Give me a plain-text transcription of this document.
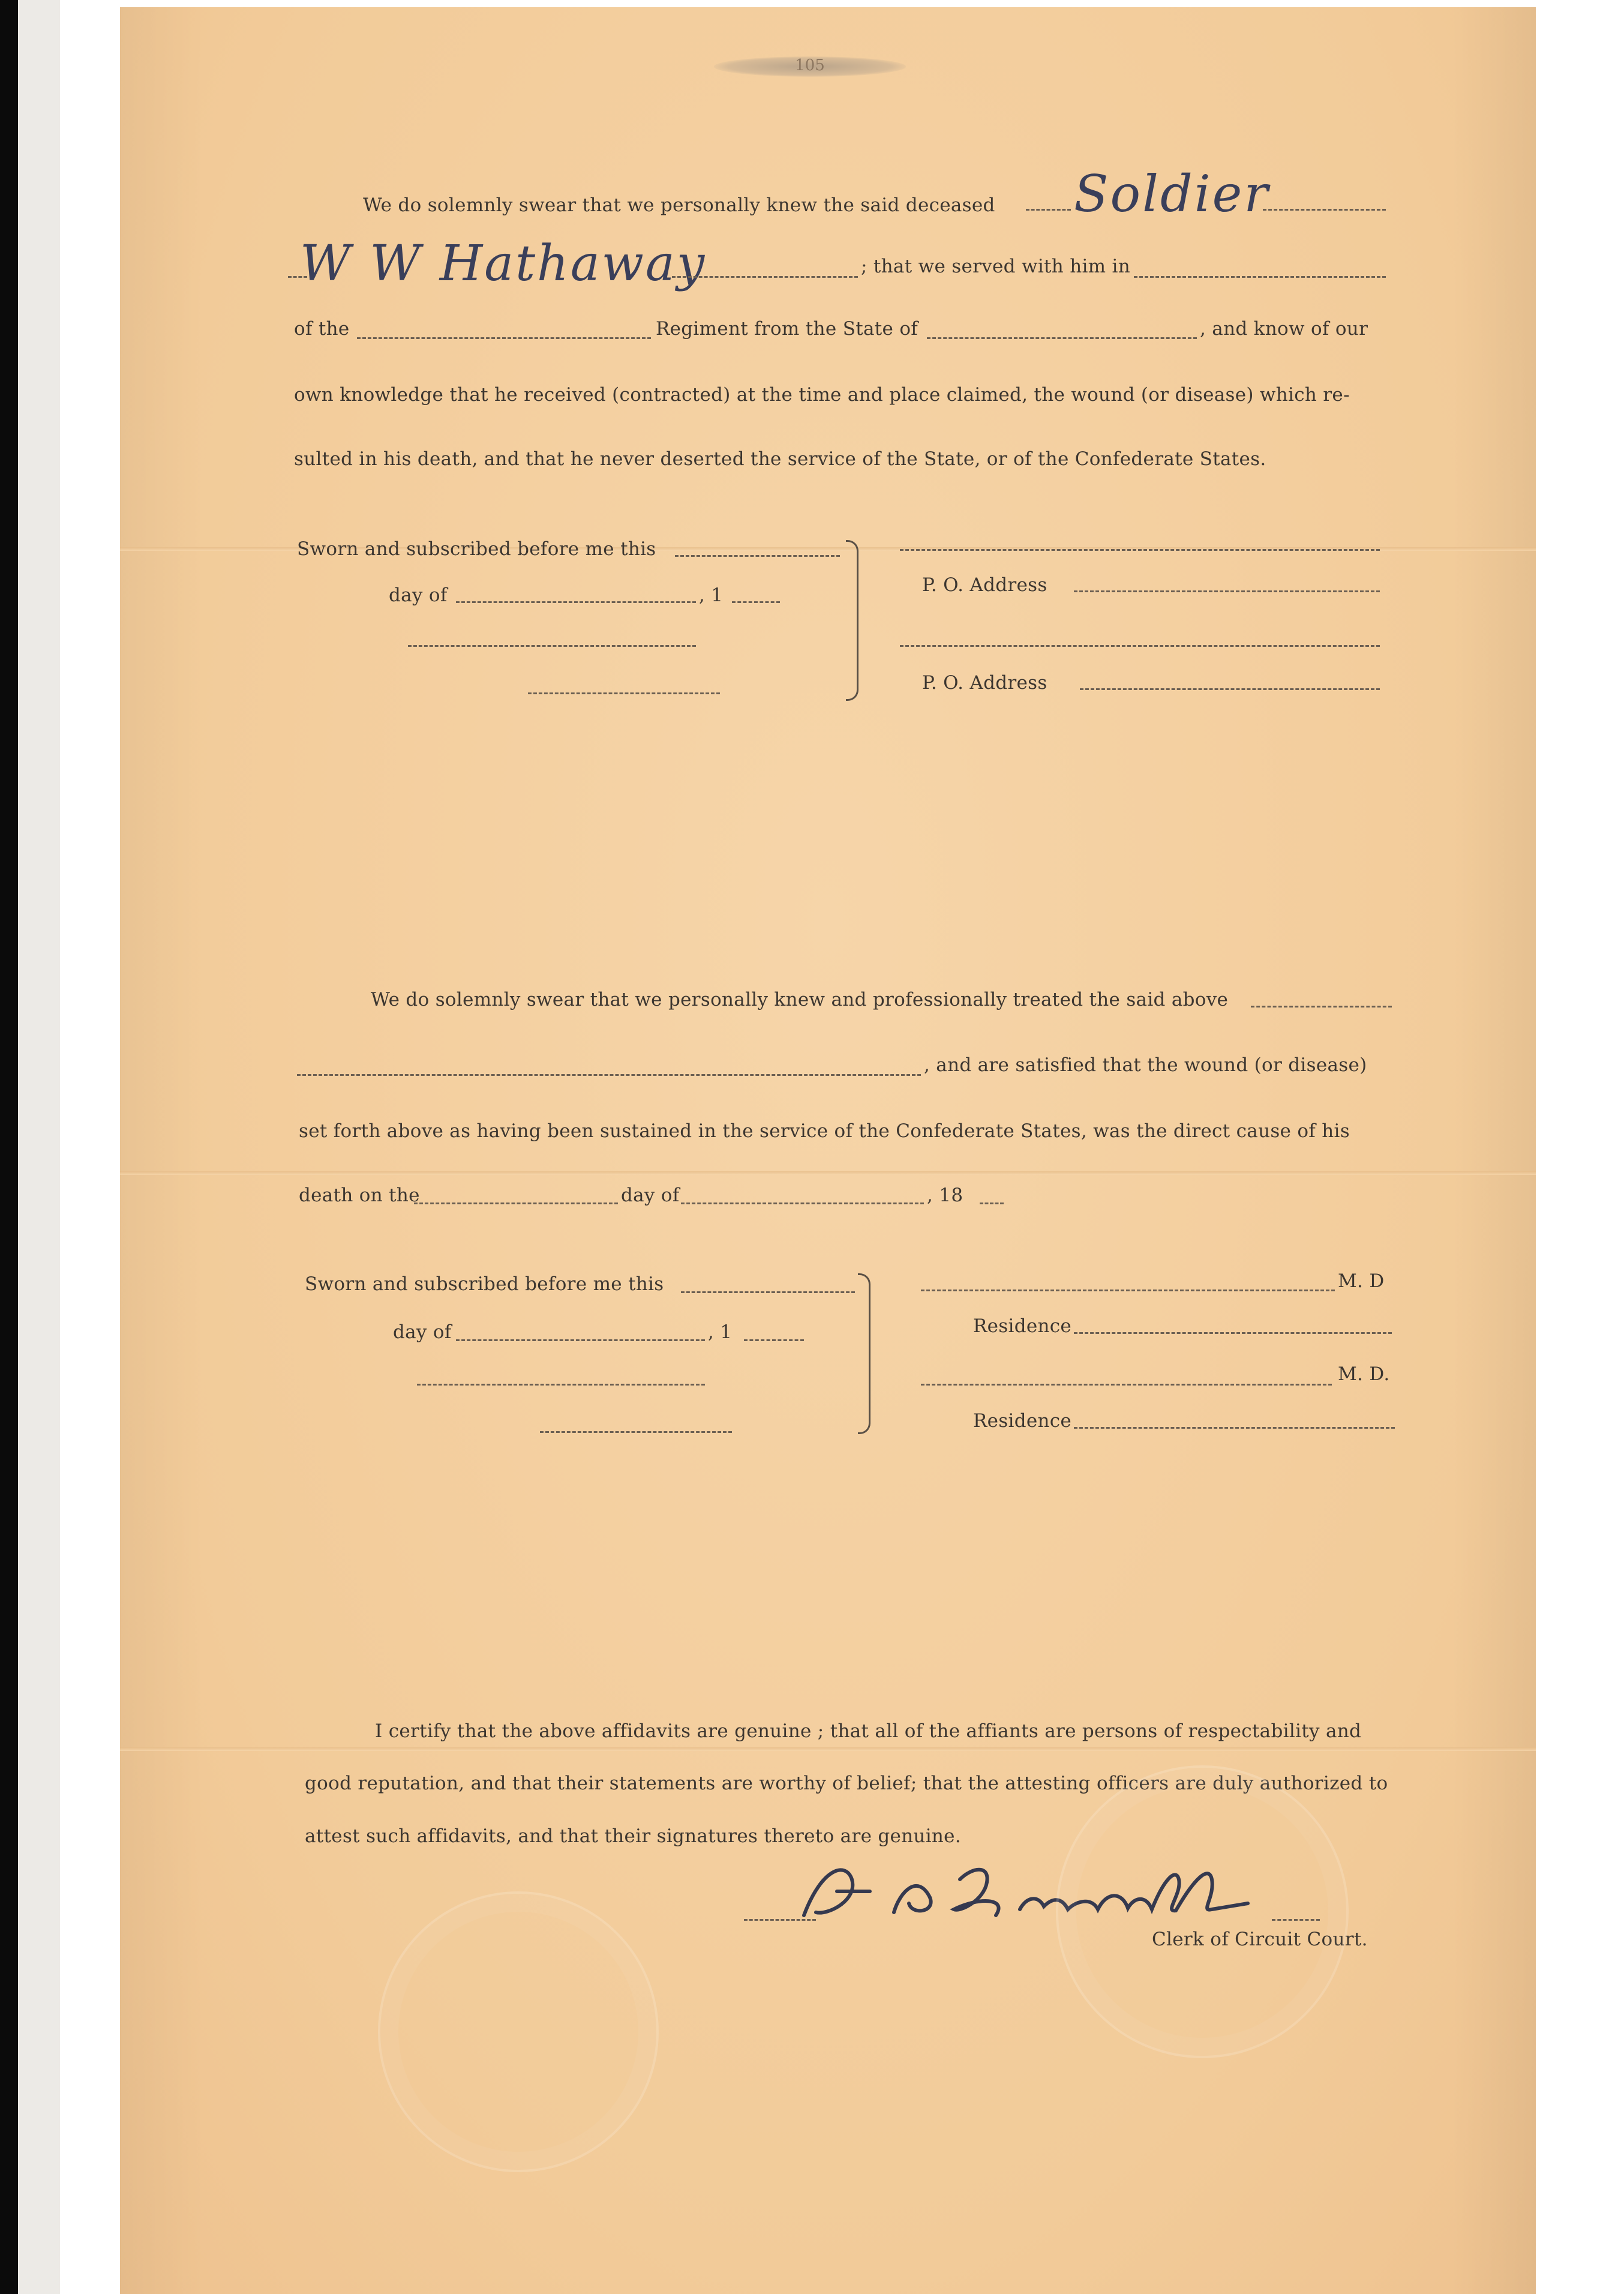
105
We do solemnly swear that we personally knew the said deceased Soldier
W W Hathaway	; that we served with him in
of the	Regiment from the State of	, and know of our
own knowledge that he received (contracted) at the time and place claimed, the wound (or disease) which re-
sulted in his death, and that he never deserted the service of the State, or of the Confederate States.
Sworn and subscribed before me this
day of	, 1	P. O. Address
P. O. Address
We do solemnly swear that we personally knew and professionally treated the said above
, and are satisfied that the wound (or disease)
set forth above as having been sustained in the service of the Confederate States, was the direct cause of his
death on the	day of	, 18
Sworn and subscribed before me this
day of	, 1
M. D
Residence
M. D.
Residence
I certify that the above affidavits are genuine ; that all of the affiants are persons of respectability and
good reputation, and that their statements are worthy of belief; that the attesting officers are duly authorized to
attest such affidavits, and that their signatures thereto are genuine.
Clerk of Circuit Court.
